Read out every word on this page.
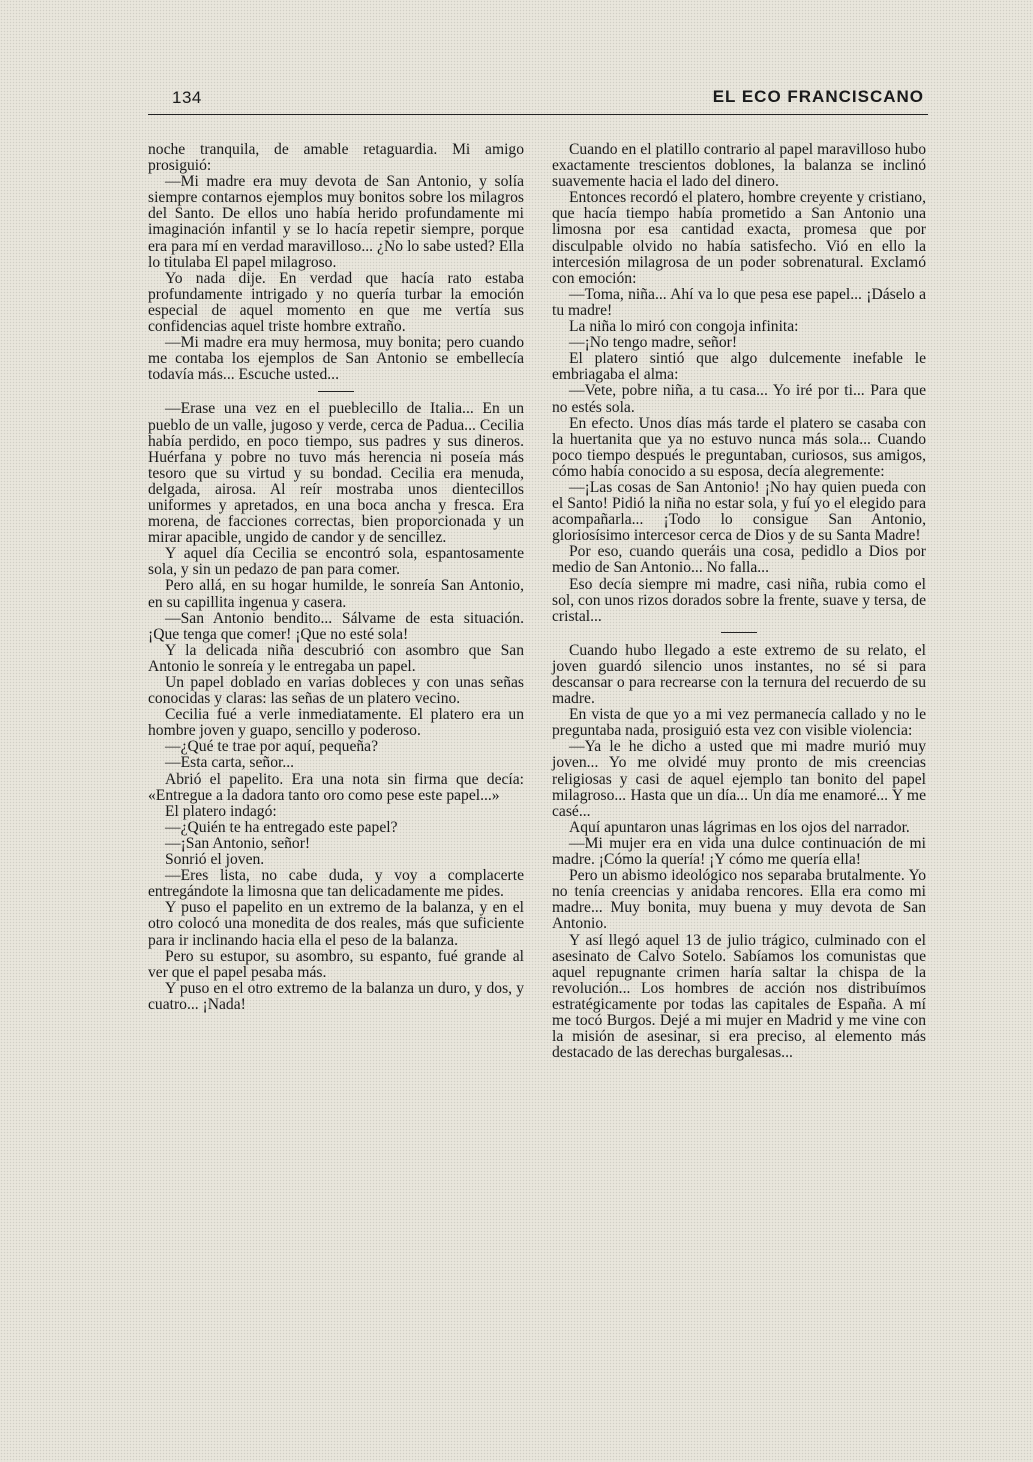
134	EL ECO FRANCISCANO

noche tranquila, de amable retaguardia. Mi amigo prosiguió:

—Mi madre era muy devota de San Antonio, y solía siempre contarnos ejemplos muy bonitos sobre los milagros del Santo. De ellos uno había herido profundamente mi imaginación infantil y se lo hacía repetir siempre, porque era para mí en verdad maravilloso... ¿No lo sabe usted? Ella lo titulaba El papel milagroso.

Yo nada dije. En verdad que hacía rato estaba profundamente intrigado y no quería turbar la emoción especial de aquel momento en que me vertía sus confidencias aquel triste hombre extraño.

—Mi madre era muy hermosa, muy bonita; pero cuando me contaba los ejemplos de San Antonio se embellecía todavía más... Escuche usted...

—Erase una vez en el pueblecillo de Italia... En un pueblo de un valle, jugoso y verde, cerca de Padua... Cecilia había perdido, en poco tiempo, sus padres y sus dineros. Huérfana y pobre no tuvo más herencia ni poseía más tesoro que su virtud y su bondad. Cecilia era menuda, delgada, airosa. Al reír mostraba unos dientecillos uniformes y apretados, en una boca ancha y fresca. Era morena, de facciones correctas, bien proporcionada y un mirar apacible, ungido de candor y de sencillez.

Y aquel día Cecilia se encontró sola, espantosamente sola, y sin un pedazo de pan para comer.

Pero allá, en su hogar humilde, le sonreía San Antonio, en su capillita ingenua y casera.

—San Antonio bendito... Sálvame de esta situación. ¡Que tenga que comer! ¡Que no esté sola!

Y la delicada niña descubrió con asombro que San Antonio le sonreía y le entregaba un papel.

Un papel doblado en varias dobleces y con unas señas conocidas y claras: las señas de un platero vecino.

Cecilia fué a verle inmediatamente. El platero era un hombre joven y guapo, sencillo y poderoso.

—¿Qué te trae por aquí, pequeña?

—Esta carta, señor...

Abrió el papelito. Era una nota sin firma que decía: «Entregue a la dadora tanto oro como pese este papel...»

El platero indagó:

—¿Quién te ha entregado este papel?

—¡San Antonio, señor!

Sonrió el joven.

—Eres lista, no cabe duda, y voy a complacerte entregándote la limosna que tan delicadamente me pides.

Y puso el papelito en un extremo de la balanza, y en el otro colocó una monedita de dos reales, más que suficiente para ir inclinando hacia ella el peso de la balanza.

Pero su estupor, su asombro, su espanto, fué grande al ver que el papel pesaba más.

Y puso en el otro extremo de la balanza un duro, y dos, y cuatro... ¡Nada!

Cuando en el platillo contrario al papel maravilloso hubo exactamente trescientos doblones, la balanza se inclinó suavemente hacia el lado del dinero.

Entonces recordó el platero, hombre creyente y cristiano, que hacía tiempo había prometido a San Antonio una limosna por esa cantidad exacta, promesa que por disculpable olvido no había satisfecho. Vió en ello la intercesión milagrosa de un poder sobrenatural. Exclamó con emoción:

—Toma, niña... Ahí va lo que pesa ese papel... ¡Dáselo a tu madre!

La niña lo miró con congoja infinita:

—¡No tengo madre, señor!

El platero sintió que algo dulcemente inefable le embriagaba el alma:

—Vete, pobre niña, a tu casa... Yo iré por ti... Para que no estés sola.

En efecto. Unos días más tarde el platero se casaba con la huertanita que ya no estuvo nunca más sola... Cuando poco tiempo después le preguntaban, curiosos, sus amigos, cómo había conocido a su esposa, decía alegremente:

—¡Las cosas de San Antonio! ¡No hay quien pueda con el Santo! Pidió la niña no estar sola, y fuí yo el elegido para acompañarla... ¡Todo lo consigue San Antonio, gloriosísimo intercesor cerca de Dios y de su Santa Madre!

Por eso, cuando queráis una cosa, pedidlo a Dios por medio de San Antonio... No falla...

Eso decía siempre mi madre, casi niña, rubia como el sol, con unos rizos dorados sobre la frente, suave y tersa, de cristal...

Cuando hubo llegado a este extremo de su relato, el joven guardó silencio unos instantes, no sé si para descansar o para recrearse con la ternura del recuerdo de su madre.

En vista de que yo a mi vez permanecía callado y no le preguntaba nada, prosiguió esta vez con visible violencia:

—Ya le he dicho a usted que mi madre murió muy joven... Yo me olvidé muy pronto de mis creencias religiosas y casi de aquel ejemplo tan bonito del papel milagroso... Hasta que un día... Un día me enamoré... Y me casé...

Aquí apuntaron unas lágrimas en los ojos del narrador.

—Mi mujer era en vida una dulce continuación de mi madre. ¡Cómo la quería! ¡Y cómo me quería ella!

Pero un abismo ideológico nos separaba brutalmente. Yo no tenía creencias y anidaba rencores. Ella era como mi madre... Muy bonita, muy buena y muy devota de San Antonio.

Y así llegó aquel 13 de julio trágico, culminado con el asesinato de Calvo Sotelo. Sabíamos los comunistas que aquel repugnante crimen haría saltar la chispa de la revolución... Los hombres de acción nos distribuímos estratégicamente por todas las capitales de España. A mí me tocó Burgos. Dejé a mi mujer en Madrid y me vine con la misión de asesinar, si era preciso, al elemento más destacado de las derechas burgalesas...
